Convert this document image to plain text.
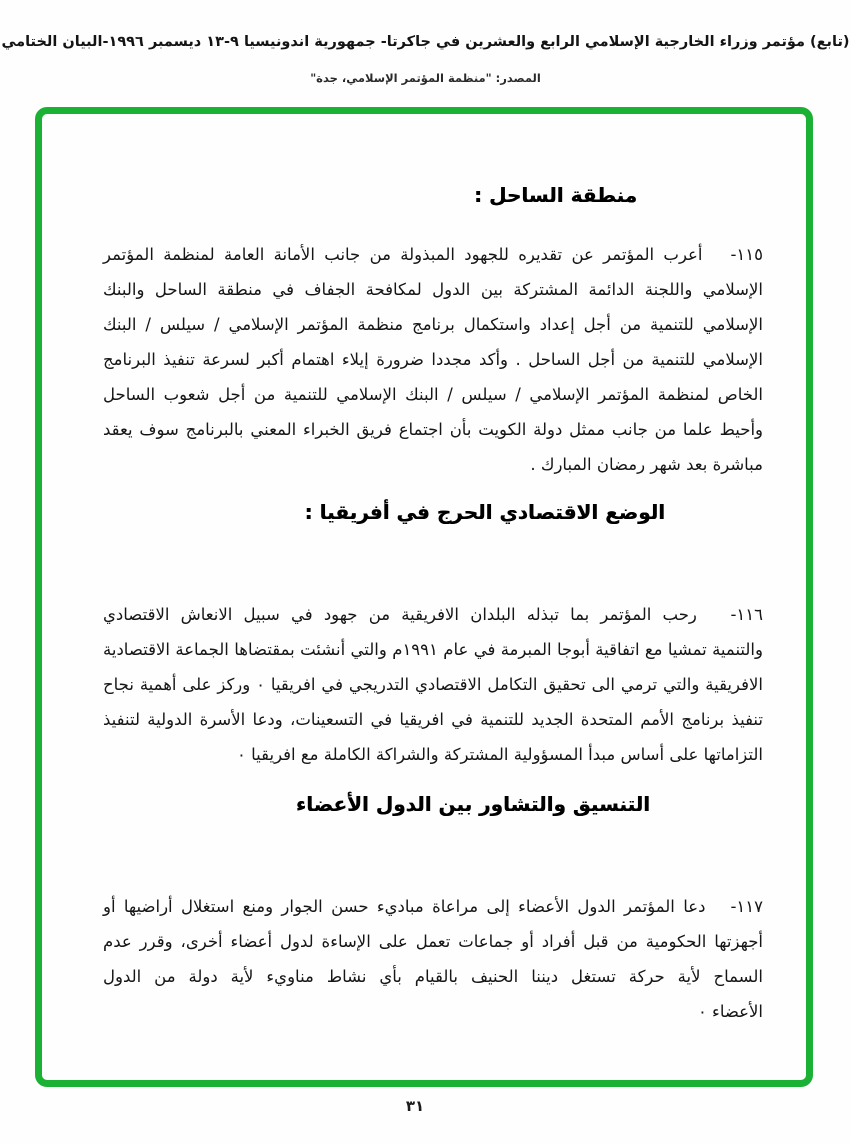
(تابع) مؤتمر وزراء الخارجية الإسلامي الرابع والعشرين في جاكرتا- جمهورية اندونيسيا ٩-١٣ ديسمبر ١٩٩٦-البيان الختامي
المصدر: "منظمة المؤتمر الإسلامي، جدة"
منطقة الساحل :
١١٥-   أعرب المؤتمر عن تقديره للجهود المبذولة من جانب الأمانة العامة لمنظمة المؤتمر
الإسلامي واللجنة الدائمة المشتركة بين الدول لمكافحة الجفاف في منطقة الساحل والبنك
الإسلامي للتنمية من أجل إعداد واستكمال برنامج منظمة المؤتمر الإسلامي / سيلس / البنك
الإسلامي للتنمية من أجل الساحل . وأكد مجددا ضرورة إيلاء اهتمام أكبر لسرعة تنفيذ البرنامج
الخاص لمنظمة المؤتمر الإسلامي / سيلس / البنك الإسلامي للتنمية من أجل شعوب الساحل
وأحيط علما من جانب ممثل دولة الكويت بأن اجتماع فريق الخبراء المعني بالبرنامج سوف يعقد
مباشرة بعد شهر رمضان المبارك .
الوضع الاقتصادي الحرج في أفريقيا :
١١٦-   رحب المؤتمر بما تبذله البلدان الافريقية من جهود في سبيل الانعاش الاقتصادي
والتنمية تمشيا مع اتفاقية أبوجا المبرمة في عام ١٩٩١م والتي أنشئت بمقتضاها الجماعة الاقتصادية
الافريقية والتي ترمي الى تحقيق التكامل الاقتصادي التدريجي في افريقيا ٠ وركز على أهمية نجاح
تنفيذ برنامج الأمم المتحدة الجديد للتنمية في افريقيا في التسعينات، ودعا الأسرة الدولية لتنفيذ
التزاماتها على أساس مبدأ المسؤولية المشتركة والشراكة الكاملة مع افريقيا ٠
التنسيق والتشاور بين الدول الأعضاء
١١٧-   دعا المؤتمر الدول الأعضاء إلى مراعاة مباديء حسن الجوار ومنع استغلال أراضيها أو
أجهزتها الحكومية من قبل أفراد أو جماعات تعمل على الإساءة لدول أعضاء أخرى، وقرر عدم
السماح لأية حركة تستغل ديننا الحنيف بالقيام بأي نشاط مناويء لأية دولة من الدول
الأعضاء ٠
٣١
